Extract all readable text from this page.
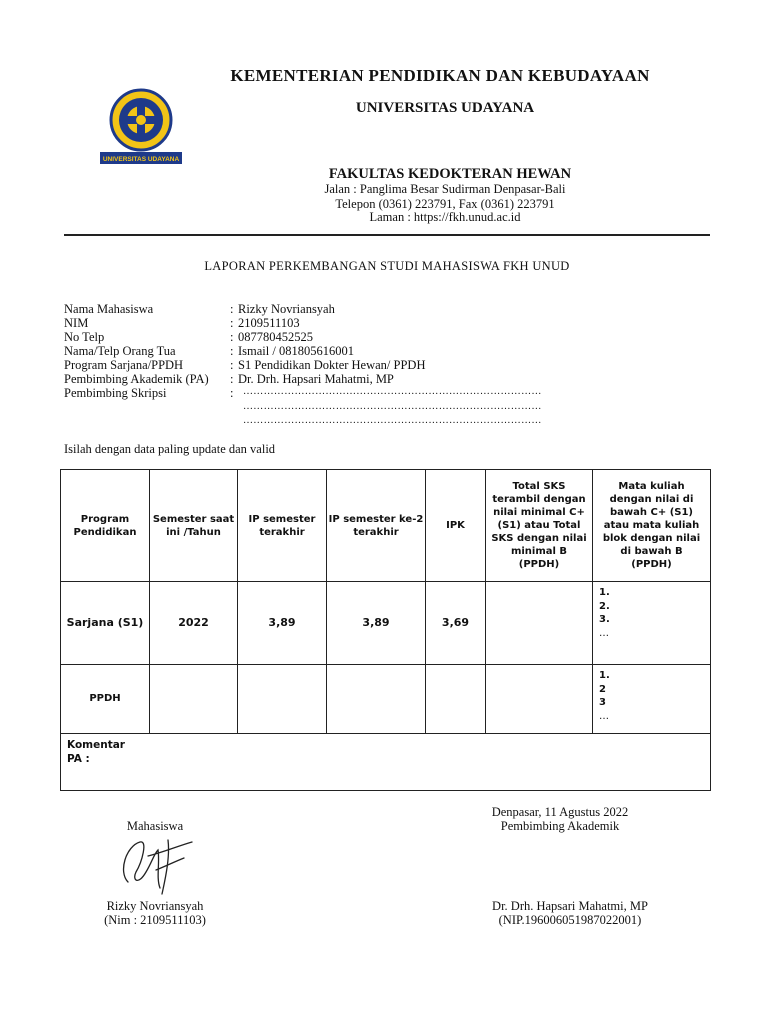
UNIVERSITAS UDAYANA
KEMENTERIAN PENDIDIKAN DAN KEBUDAYAAN
UNIVERSITAS UDAYANA
FAKULTAS KEDOKTERAN HEWAN
Jalan : Panglima Besar Sudirman Denpasar-Bali
Telepon (0361) 223791, Fax (0361) 223791
Laman : https://fkh.unud.ac.id
LAPORAN PERKEMBANGAN STUDI MAHASISWA FKH UNUD
Nama Mahasiswa	: Rizky Novriansyah
NIM	: 2109511103
No Telp	: 087780452525
Nama/Telp Orang Tua	: Ismail / 081805616001
Program Sarjana/PPDH	: S1 Pendidikan Dokter Hewan/ PPDH
Pembimbing Akademik (PA) : Dr. Drh. Hapsari Mahatmi, MP
Pembimbing Skripsi	: ……………………………………………………………………………
……………………………………………………………………………
……………………………………………………………………………
Isilah dengan data paling update dan valid
Program Pendidikan	Semester saat ini /Tahun	IP semester terakhir	IP semester ke-2 terakhir	IPK	Total SKS terambil dengan nilai minimal C+ (S1) atau Total SKS dengan nilai minimal B (PPDH)	Mata kuliah dengan nilai di bawah C+ (S1) atau mata kuliah blok dengan nilai di bawah B (PPDH)
Sarjana (S1)	2022	3,89	3,89	3,69		1.
2.
3.
…

PPDH						1.
2
3
…

Komentar
PA :						
Denpasar, 11 Agustus 2022
Pembimbing Akademik
Mahasiswa
Rizky Novriansyah
(Nim : 2109511103)
Dr. Drh. Hapsari Mahatmi, MP
(NIP.196006051987022001)
